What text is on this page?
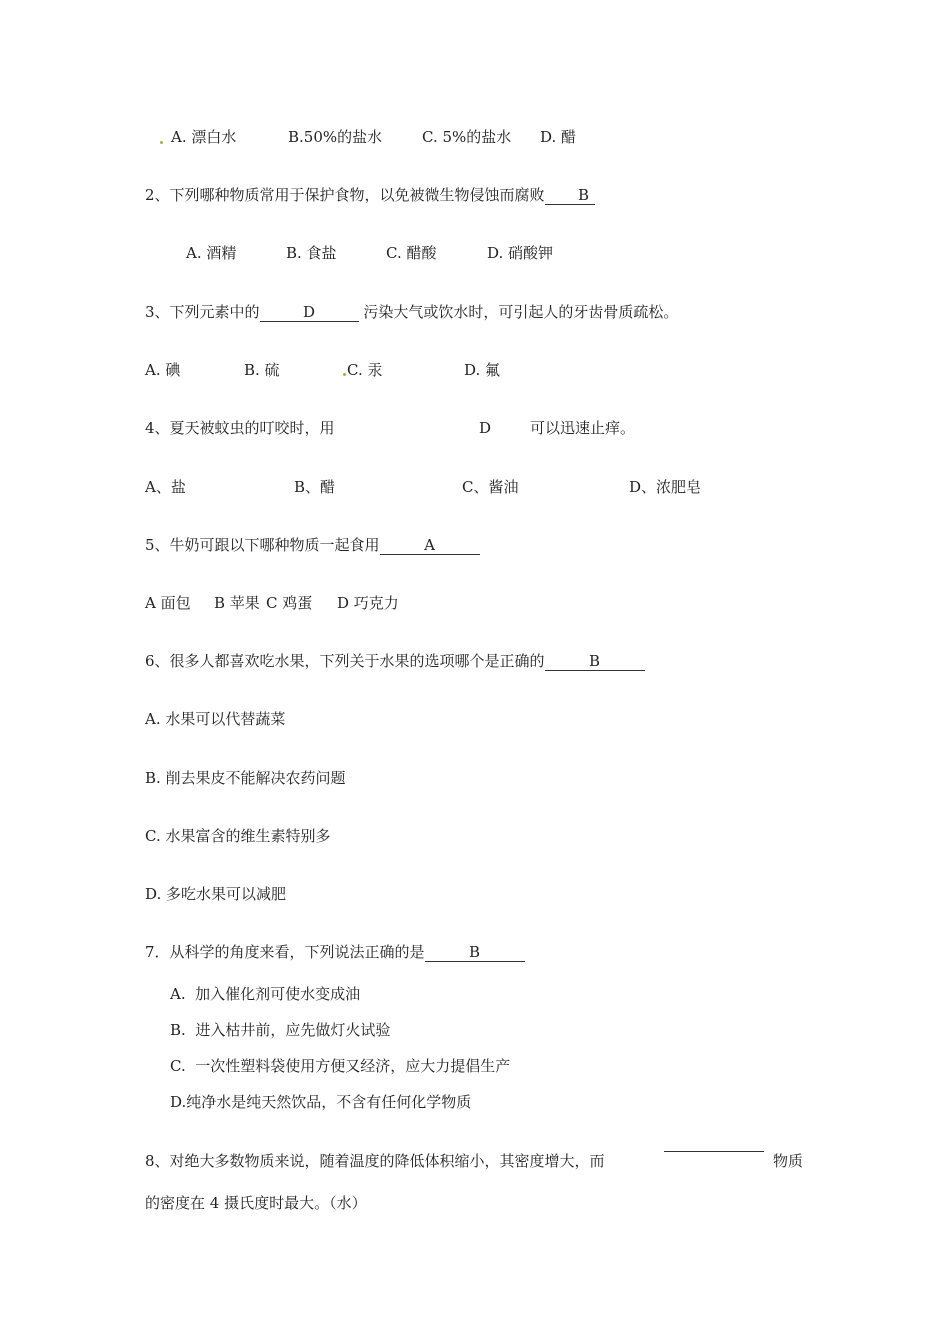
A. 漂白水	B.50%的盐水	C. 5%的盐水 D. 醋
2、下列哪种物质常用于保护食物，以免被微生物侵蚀而腐败 B
A. 酒精	B. 食盐	C. 醋酸	D. 硝酸钾
3、下列元素中的	D	污染大气或饮水时，可引起人的牙齿骨质疏松。
A. 碘	B. 硫	C. 汞	D. 氟
4、夏天被蚊虫的叮咬时，用	D	可以迅速止痒。
A、盐	B、醋	C、酱油	D、浓肥皂
5、牛奶可跟以下哪种物质一起食用	A
A 面包 B 苹果 C 鸡蛋 D 巧克力
6、很多人都喜欢吃水果，下列关于水果的选项哪个是正确的	B
A. 水果可以代替蔬菜
B. 削去果皮不能解决农药问题
C. 水果富含的维生素特别多
D. 多吃水果可以减肥
7．从科学的角度来看，下列说法正确的是	B
A.  加入催化剂可使水变成油
B.  进入枯井前，应先做灯火试验
C.  一次性塑料袋使用方便又经济，应大力提倡生产
D.纯净水是纯天然饮品，不含有任何化学物质
8、对绝大多数物质来说，随着温度的降低体积缩小，其密度增大，而	物质
的密度在 4 摄氏度时最大。（水）
